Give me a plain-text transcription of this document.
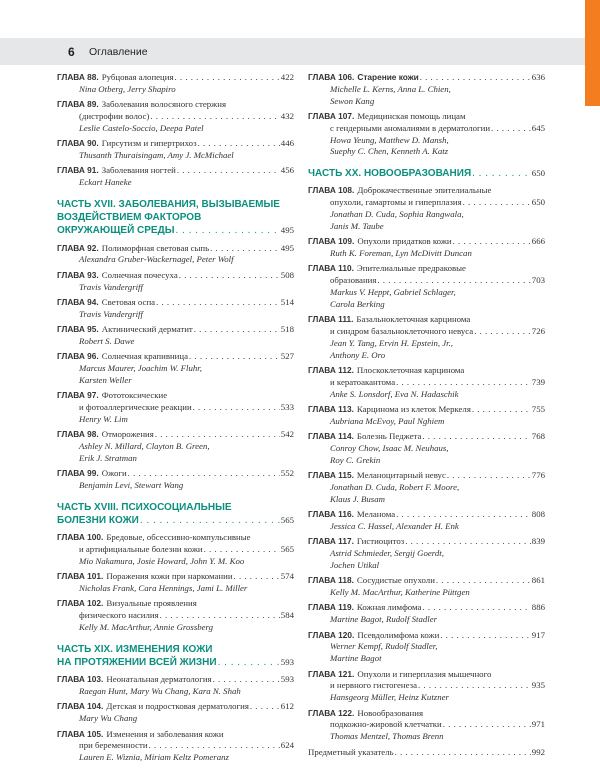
6 Оглавление
ГЛАВА 88. Рубцовая алопеция . . .	422
Nina Otberg, Jerry Shapiro
ГЛАВА 89. Заболевания волосяного стержня
(дистрофии волос) . . .	432
Leslie Castelo-Soccio, Deepa Patel
ГЛАВА 90. Гирсутизм и гипертрихоз . . .	446
Thusanth Thuraisingam, Amy J. McMichael
ГЛАВА 91. Заболевания ногтей . . .	456
Eckart Haneke
ЧАСТЬ XVII. ЗАБОЛЕВАНИЯ, ВЫЗЫВАЕМЫЕ
ВОЗДЕЙСТВИЕМ ФАКТОРОВ
ОКРУЖАЮЩЕЙ СРЕДЫ . . .	495
ГЛАВА 92. Полиморфная световая сыпь . . .	495
Alexandra Gruber-Wackernagel, Peter Wolf
ГЛАВА 93. Солнечная почесуха . . .	508
Travis Vandergriff
ГЛАВА 94. Световая оспа . . .	514
Travis Vandergriff
ГЛАВА 95. Актинический дерматит . . .	518
Robert S. Dawe
ГЛАВА 96. Солнечная крапивница . . .	527
Marcus Maurer, Joachim W. Fluhr,
Karsten Weller
ГЛАВА 97. Фототоксические
и фотоаллергические реакции . . .	533
Henry W. Lim
ГЛАВА 98. Отморожения . . .	542
Ashley N. Millard, Clayton B. Green,
Erik J. Stratman
ГЛАВА 99. Ожоги . . .	552
Benjamin Levi, Stewart Wang
ЧАСТЬ XVIII. ПСИХОСОЦИАЛЬНЫЕ
БОЛЕЗНИ КОЖИ . . .	565
ГЛАВА 100. Бредовые, обсессивно-компульсивные
и артифициальные болезни кожи . . .	565
Mio Nakamura, Josie Howard, John Y. M. Koo
ГЛАВА 101. Поражения кожи при наркомании . . .	574
Nicholas Frank, Cara Hennings, Jami L. Miller
ГЛАВА 102. Визуальные проявления
физического насилия . . .	584
Kelly M. MacArthur, Annie Grossberg
ЧАСТЬ XIX. ИЗМЕНЕНИЯ КОЖИ
НА ПРОТЯЖЕНИИ ВСЕЙ ЖИЗНИ . . .	593
ГЛАВА 103. Неонатальная дерматология . . .	593
Raegan Hunt, Mary Wu Chang, Kara N. Shah
ГЛАВА 104. Детская и подростковая дерматология . . .	612
Mary Wu Chang
ГЛАВА 105. Изменения и заболевания кожи
при беременности . . .	624
Lauren E. Wiznia, Miriam Keltz Pomeranz
ГЛАВА 106. Старение кожи . . .	636
Michelle L. Kerns, Anna L. Chien,
Sewon Kang
ГЛАВА 107. Медицинская помощь лицам
с гендерными аномалиями в дерматологии . . .	645
Howa Yeung, Matthew D. Mansh,
Suephy C. Chen, Kenneth A. Katz
ЧАСТЬ XX. НОВООБРАЗОВАНИЯ . . .	650
ГЛАВА 108. Доброкачественные эпителиальные
опухоли, гамартомы и гиперплазия . . .	650
Jonathan D. Cuda, Sophia Rangwala,
Janis M. Taube
ГЛАВА 109. Опухоли придатков кожи . . .	666
Ruth K. Foreman, Lyn McDivitt Duncan
ГЛАВА 110. Эпителиальные предраковые
образования . . .	703
Markus V. Heppt, Gabriel Schlager,
Carola Berking
ГЛАВА 111. Базальноклеточная карцинома
и синдром базальноклеточного невуса . . .	726
Jean Y. Tang, Ervin H. Epstein, Jr.,
Anthony E. Oro
ГЛАВА 112. Плоскоклеточная карцинома
и кератоакантома . . .	739
Anke S. Lonsdorf, Eva N. Hadaschik
ГЛАВА 113. Карцинома из клеток Меркеля . . .	755
Aubriana McEvoy, Paul Nghiem
ГЛАВА 114. Болезнь Педжета . . .	768
Conroy Chow, Isaac M. Neuhaus,
Roy C. Grekin
ГЛАВА 115. Меланоцитарный невус . . .	776
Jonathan D. Cuda, Robert F. Moore,
Klaus J. Busam
ГЛАВА 116. Меланома . . .	808
Jessica C. Hassel, Alexander H. Enk
ГЛАВА 117. Гистиоцитоз . . .	839
Astrid Schmieder, Sergij Goerdt,
Jochen Utikal
ГЛАВА 118. Сосудистые опухоли . . .	861
Kelly M. MacArthur, Katherine Püttgen
ГЛАВА 119. Кожная лимфома . . .	886
Martine Bagot, Rudolf Stadler
ГЛАВА 120. Псевдолимфома кожи . . .	917
Werner Kempf, Rudolf Stadler,
Martine Bagot
ГЛАВА 121. Опухоли и гиперплазия мышечного
и нервного гистогенеза . . .	935
Hansgeorg Müller, Heinz Kutzner
ГЛАВА 122. Новообразования
подкожно-жировой клетчатки . . .	971
Thomas Mentzel, Thomas Brenn
Предметный указатель . . .	992
